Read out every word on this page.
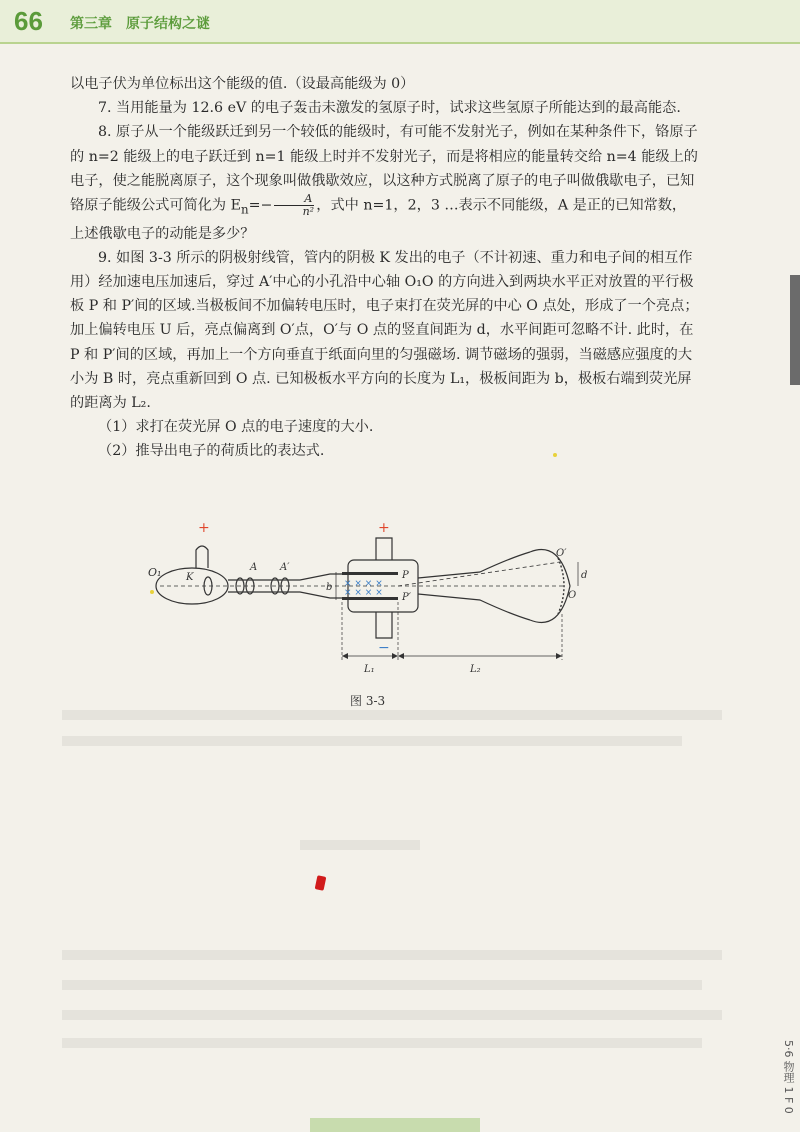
66 第三章　原子结构之谜

以电子伏为单位标出这个能级的值.（设最高能级为 0）

7. 当用能量为 12.6 eV 的电子轰击未激发的氢原子时，试求这些氢原子所能达到的最高能态.

8. 原子从一个能级跃迁到另一个较低的能级时，有可能不发射光子，例如在某种条件下，铬原子的 n=2 能级上的电子跃迁到 n=1 能级上时并不发射光子，而是将相应的能量转交给 n=4 能级上的电子，使之能脱离原子，这个现象叫做俄歇效应，以这种方式脱离了原子的电子叫做俄歇电子，已知铬原子能级公式可简化为 $E_n=- \frac{A}{\text{n²}}$ ，式中 n=1，2，3 …表示不同能级，A 是正的已知常数，上述俄歇电子的动能是多少？

9. 如图 3-3 所示的阴极射线管，管内的阴极 K 发出的电子（不计初速、重力和电子间的相互作用）经加速电压加速后，穿过 A′中心的小孔沿中心轴 O₁O 的方向进入到两块水平正对放置的平行极板 P 和 P′间的区域.当极板间不加偏转电压时，电子束打在荧光屏的中心 O 点处，形成了一个亮点；加上偏转电压 U 后，亮点偏离到 O′点，O′与 O 点的竖直间距为 d，水平间距可忽略不计. 此时，在 P 和 P′间的区域，再加上一个方向垂直于纸面向里的匀强磁场. 调节磁场的强弱，当磁感应强度的大小为 B 时，亮点重新回到 O 点. 已知极板水平方向的长度为 L₁，极板间距为 b，极板右端到荧光屏的距离为 L₂.

（1）求打在荧光屏 O 点的电子速度的大小.

（2）推导出电子的荷质比的表达式.

× × × ×
× × × ×
+	+
−
O₁ K
A A′
b
P
P′
O′
d
O
L₁	L₂
图 3-3
5·6 物理 1 F 0
